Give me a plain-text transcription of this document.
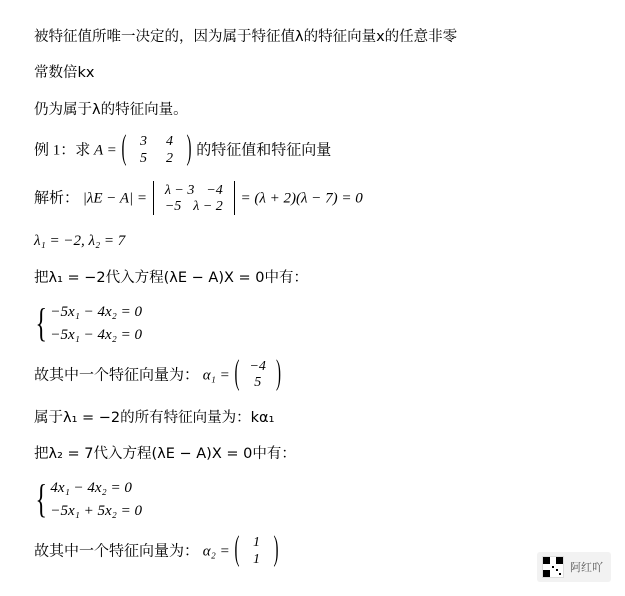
被特征值所唯一决定的，因为属于特征值λ的特征向量x的任意非零
常数倍kx
仍为属于λ的特征向量。
例 1：求 A = ( 3	4
5	2 ) 的特征值和特征向量
解析： |λE − A| =
λ − 3 −4
−5 λ − 2
= (λ + 2)(λ − 7) = 0
λ₁ = −2, λ₂ = 7
把λ₁ = −2代入方程(λE − A)X = 0中有：
{ −5x₁ − 4x₂ = 0
−5x₁ − 4x₂ = 0
故其中一个特征向量为： α₁ = ( −4
5 )
属于λ₁ = −2的所有特征向量为：kα₁
把λ₂ = 7代入方程(λE − A)X = 0中有：
{ 4x₁ − 4x₂ = 0
−5x₁ + 5x₂ = 0
故其中一个特征向量为： α₂ = ( 1
1 )	阿红吖
